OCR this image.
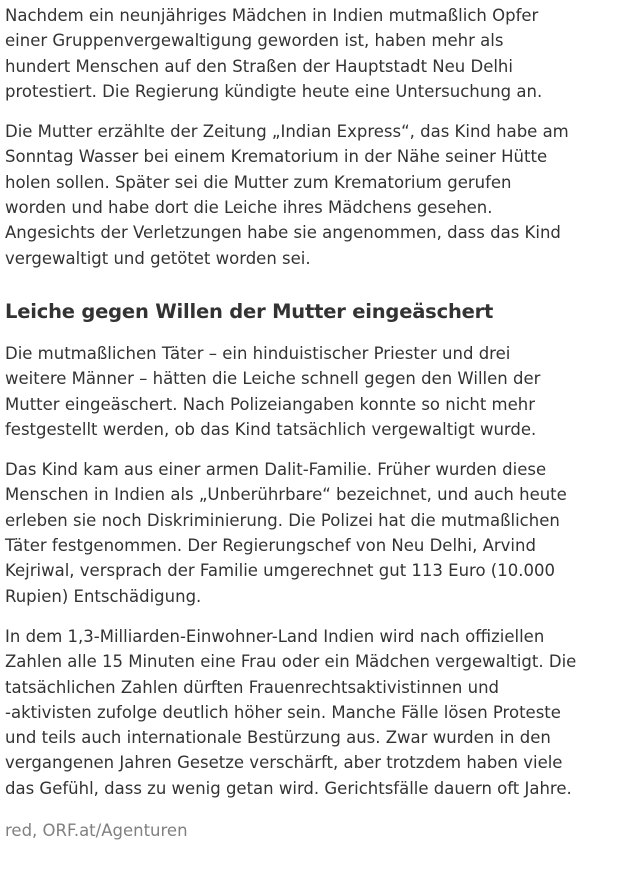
Nachdem ein neunjähriges Mädchen in Indien mutmaßlich Opfer
einer Gruppenvergewaltigung geworden ist, haben mehr als
hundert Menschen auf den Straßen der Hauptstadt Neu Delhi
protestiert. Die Regierung kündigte heute eine Untersuchung an.

Die Mutter erzählte der Zeitung „Indian Express“, das Kind habe am
Sonntag Wasser bei einem Krematorium in der Nähe seiner Hütte
holen sollen. Später sei die Mutter zum Krematorium gerufen
worden und habe dort die Leiche ihres Mädchens gesehen.
Angesichts der Verletzungen habe sie angenommen, dass das Kind
vergewaltigt und getötet worden sei.

Leiche gegen Willen der Mutter eingeäschert

Die mutmaßlichen Täter – ein hinduistischer Priester und drei
weitere Männer – hätten die Leiche schnell gegen den Willen der
Mutter eingeäschert. Nach Polizeiangaben konnte so nicht mehr
festgestellt werden, ob das Kind tatsächlich vergewaltigt wurde.

Das Kind kam aus einer armen Dalit-Familie. Früher wurden diese
Menschen in Indien als „Unberührbare“ bezeichnet, und auch heute
erleben sie noch Diskriminierung. Die Polizei hat die mutmaßlichen
Täter festgenommen. Der Regierungschef von Neu Delhi, Arvind
Kejriwal, versprach der Familie umgerechnet gut 113 Euro (10.000
Rupien) Entschädigung.

In dem 1,3-Milliarden-Einwohner-Land Indien wird nach offiziellen
Zahlen alle 15 Minuten eine Frau oder ein Mädchen vergewaltigt. Die
tatsächlichen Zahlen dürften Frauenrechtsaktivistinnen und
-aktivisten zufolge deutlich höher sein. Manche Fälle lösen Proteste
und teils auch internationale Bestürzung aus. Zwar wurden in den
vergangenen Jahren Gesetze verschärft, aber trotzdem haben viele
das Gefühl, dass zu wenig getan wird. Gerichtsfälle dauern oft Jahre.

red, ORF.at/Agenturen
